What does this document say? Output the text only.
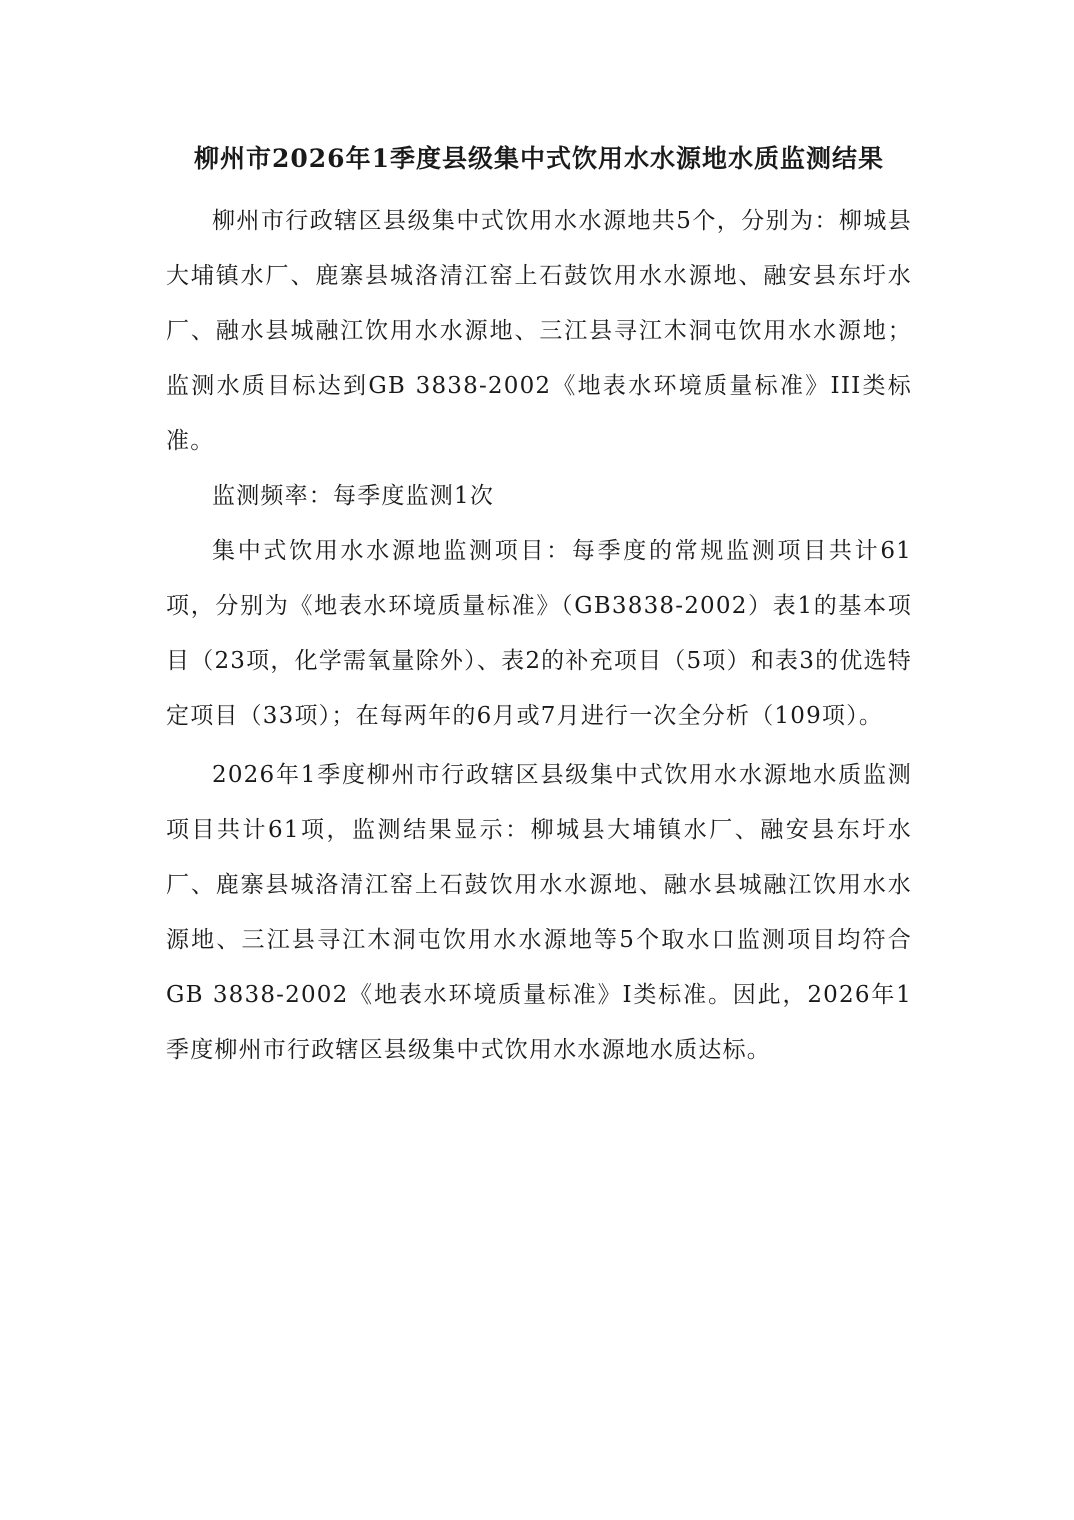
柳州市2026年1季度县级集中式饮用水水源地水质监测结果

柳州市行政辖区县级集中式饮用水水源地共5个，分别为：柳城县大埔镇水厂、鹿寨县城洛清江窑上石鼓饮用水水源地、融安县东圩水厂、融水县城融江饮用水水源地、三江县寻江木洞屯饮用水水源地；监测水质目标达到GB 3838-2002《地表水环境质量标准》III类标准。

监测频率：每季度监测1次

集中式饮用水水源地监测项目：每季度的常规监测项目共计61项，分别为《地表水环境质量标准》（GB3838-2002）表1的基本项目（23项，化学需氧量除外）、表2的补充项目（5项）和表3的优选特定项目（33项）；在每两年的6月或7月进行一次全分析（109项）。

2026年1季度柳州市行政辖区县级集中式饮用水水源地水质监测项目共计61项，监测结果显示：柳城县大埔镇水厂、融安县东圩水厂、鹿寨县城洛清江窑上石鼓饮用水水源地、融水县城融江饮用水水源地、三江县寻江木洞屯饮用水水源地等5个取水口监测项目均符合GB 3838-2002《地表水环境质量标准》I类标准。因此，2026年1季度柳州市行政辖区县级集中式饮用水水源地水质达标。
